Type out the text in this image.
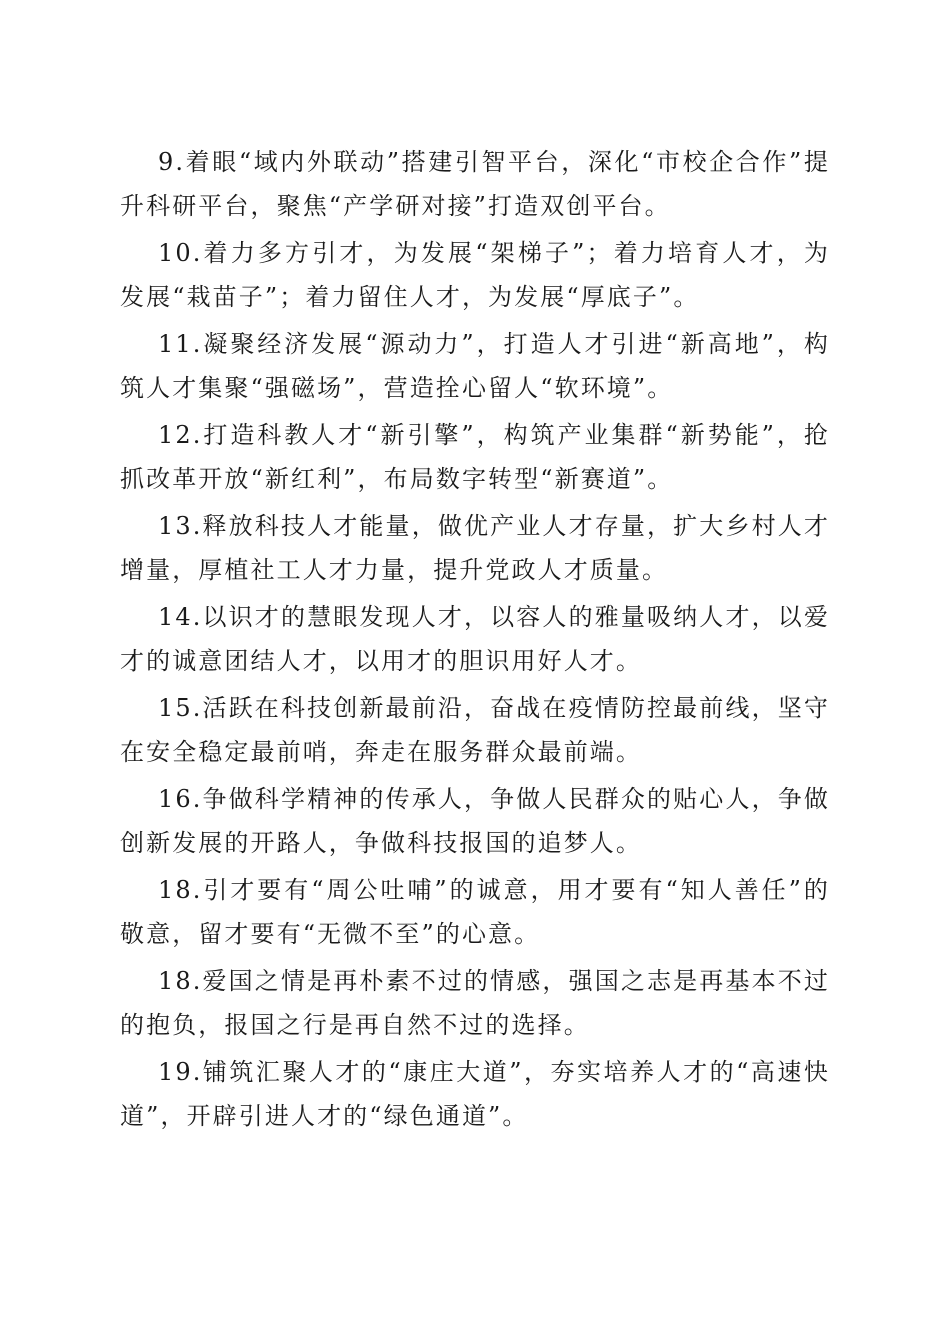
9.着眼“域内外联动”搭建引智平台，深化“市校企合作”提升科研平台，聚焦“产学研对接”打造双创平台。

10.着力多方引才，为发展“架梯子”；着力培育人才，为发展“栽苗子”；着力留住人才，为发展“厚底子”。

11.凝聚经济发展“源动力”，打造人才引进“新高地”，构筑人才集聚“强磁场”，营造拴心留人“软环境”。

12.打造科教人才“新引擎”，构筑产业集群“新势能”，抢抓改革开放“新红利”，布局数字转型“新赛道”。

13.释放科技人才能量，做优产业人才存量，扩大乡村人才增量，厚植社工人才力量，提升党政人才质量。

14.以识才的慧眼发现人才，以容人的雅量吸纳人才，以爱才的诚意团结人才，以用才的胆识用好人才。

15.活跃在科技创新最前沿，奋战在疫情防控最前线，坚守在安全稳定最前哨，奔走在服务群众最前端。

16.争做科学精神的传承人，争做人民群众的贴心人，争做创新发展的开路人，争做科技报国的追梦人。

18.引才要有“周公吐哺”的诚意，用才要有“知人善任”的敬意，留才要有“无微不至”的心意。

18.爱国之情是再朴素不过的情感，强国之志是再基本不过的抱负，报国之行是再自然不过的选择。

19.铺筑汇聚人才的“康庄大道”，夯实培养人才的“高速快道”，开辟引进人才的“绿色通道”。
